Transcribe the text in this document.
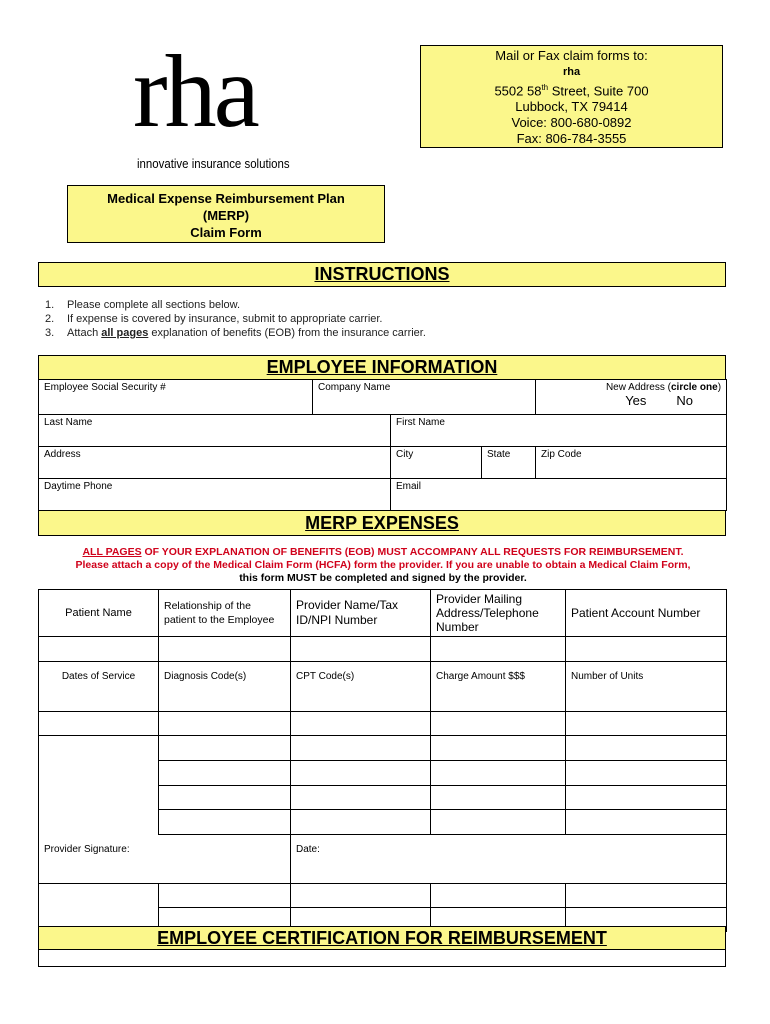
rha
innovative insurance solutions
Mail or Fax claim forms to:
rha
5502 58th Street, Suite 700
Lubbock, TX 79414
Voice: 800-680-0892
Fax: 806-784-3555
Medical Expense Reimbursement Plan
(MERP)
Claim Form
INSTRUCTIONS
1. Please complete all sections below.
2. If expense is covered by insurance, submit to appropriate carrier.
3. Attach all pages explanation of benefits (EOB) from the insurance carrier.
EMPLOYEE INFORMATION
Employee Social Security #	Company Name			New Address (circle one)
Yes No

Last Name		First Name		
Address		City	State	Zip Code
Daytime Phone		Email		
MERP EXPENSES
ALL PAGES OF YOUR EXPLANATION OF BENEFITS (EOB) MUST ACCOMPANY ALL REQUESTS FOR REIMBURSEMENT.
Please attach a copy of the Medical Claim Form (HCFA) form the provider. If you are unable to obtain a Medical Claim Form,
this form MUST be completed and signed by the provider.
Patient Name	Relationship of the patient to the Employee	Provider Name/Tax ID/NPI Number	Provider Mailing Address/Telephone Number	Patient Account Number

Dates of Service	Diagnosis Code(s)	CPT Code(s)	Charge Amount $$$	Number of Units

Provider Signature:		Date:		

EMPLOYEE CERTIFICATION FOR REIMBURSEMENT
